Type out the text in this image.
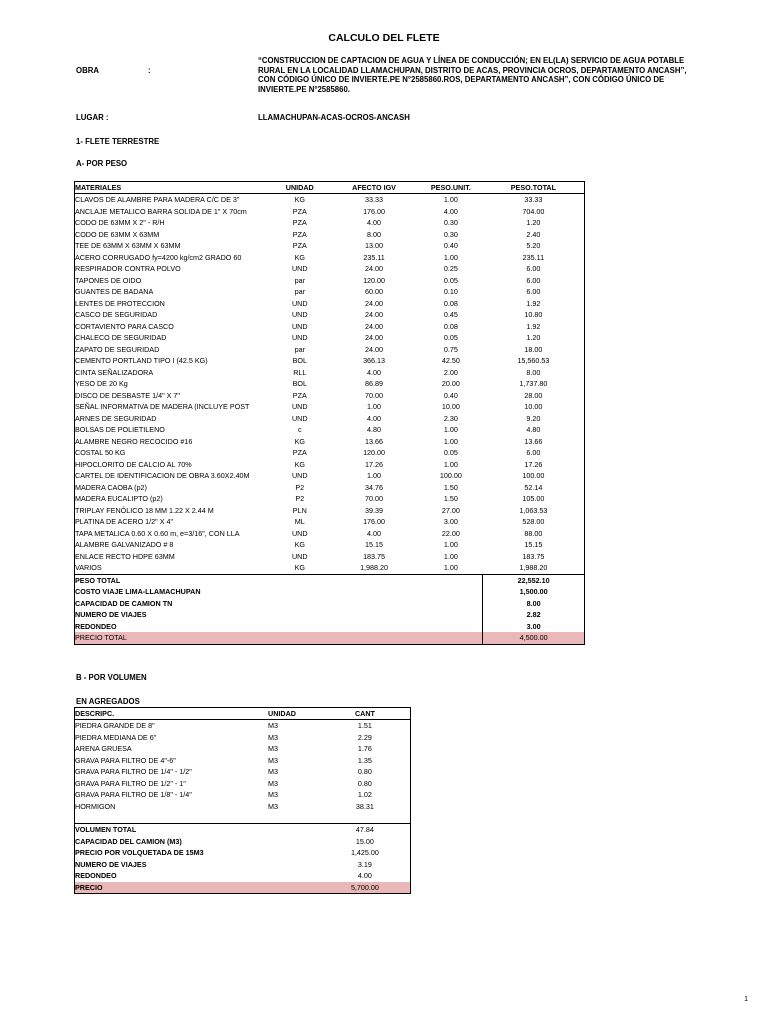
CALCULO DEL FLETE
OBRA	:
“CONSTRUCCION DE CAPTACION DE AGUA Y LÍNEA DE CONDUCCIÓN; EN EL(LA) SERVICIO DE AGUA POTABLE RURAL EN LA LOCALIDAD LLAMACHUPAN, DISTRITO DE ACAS, PROVINCIA OCROS, DEPARTAMENTO ANCASH”, CON CÓDIGO ÚNICO DE INVIERTE.PE N°2585860.ROS, DEPARTAMENTO ANCASH”, CON CÓDIGO ÚNICO DE INVIERTE.PE N°2585860.
LUGAR :	LLAMACHUPAN-ACAS-OCROS-ANCASH
1- FLETE TERRESTRE
A- POR PESO
MATERIALES	UNIDAD	AFECTO IGV	PESO.UNIT.	PESO.TOTAL
CLAVOS DE ALAMBRE PARA MADERA C/C DE 3"	KG	33.33	1.00	33.33
ANCLAJE METALICO BARRA SOLIDA DE 1" X 70cm	PZA	176.00	4.00	704.00
CODO DE 63MM X 2" - R/H	PZA	4.00	0.30	1.20
CODO DE 63MM X 63MM	PZA	8.00	0.30	2.40
TEE DE 63MM X 63MM X 63MM	PZA	13.00	0.40	5.20
ACERO CORRUGADO fy=4200 kg/cm2 GRADO 60	KG	235.11	1.00	235.11
RESPIRADOR CONTRA POLVO	UND	24.00	0.25	6.00
TAPONES DE OIDO	par	120.00	0.05	6.00
GUANTES DE BADANA	par	60.00	0.10	6.00
LENTES DE PROTECCION	UND	24.00	0.08	1.92
CASCO DE SEGURIDAD	UND	24.00	0.45	10.80
CORTAVIENTO PARA CASCO	UND	24.00	0.08	1.92
CHALECO DE SEGURIDAD	UND	24.00	0.05	1.20
ZAPATO DE SEGURIDAD	par	24.00	0.75	18.00
CEMENTO PORTLAND TIPO I (42.5 KG)	BOL	366.13	42.50	15,560.53
CINTA SEÑALIZADORA	RLL	4.00	2.00	8.00
YESO DE 20 Kg	BOL	86.89	20.00	1,737.80
DISCO DE DESBASTE 1/4" X 7"	PZA	70.00	0.40	28.00
SEÑAL INFORMATIVA DE MADERA (INCLUYE POST	UND	1.00	10.00	10.00
ARNES DE SEGURIDAD	UND	4.00	2.30	9.20
BOLSAS DE POLIETILENO	c	4.80	1.00	4.80
ALAMBRE NEGRO RECOCIDO #16	KG	13.66	1.00	13.66
COSTAL 50 KG	PZA	120.00	0.05	6.00
HIPOCLORITO DE CALCIO AL 70%	KG	17.26	1.00	17.26
CARTEL DE IDENTIFICACION DE OBRA 3.60X2.40M	UND	1.00	100.00	100.00
MADERA CAOBA (p2)	P2	34.76	1.50	52.14
MADERA EUCALIPTO (p2)	P2	70.00	1.50	105.00
TRIPLAY FENÓLICO 18 MM 1.22 X 2.44 M	PLN	39.39	27.00	1,063.53
PLATINA DE ACERO 1/2" X 4"	ML	176.00	3.00	528.00
TAPA METALICA 0.60 X 0.60 m, e=3/16", CON LLA	UND	4.00	22.00	88.00
ALAMBRE GALVANIZADO # 8	KG	15.15	1.00	15.15
ENLACE RECTO HDPE 63MM	UND	183.75	1.00	183.75
VARIOS	KG	1,988.20	1.00	1,988.20
PESO TOTAL				22,552.10
COSTO VIAJE LIMA-LLAMACHUPAN				1,500.00
CAPACIDAD DE CAMION TN				8.00
NUMERO DE VIAJES				2.82
REDONDEO				3.00
PRECIO TOTAL				4,500.00
B - POR VOLUMEN
EN AGREGADOS
DESCRIPC.	UNIDAD	CANT
PIEDRA GRANDE DE 8"	M3	1.51
PIEDRA MEDIANA DE 6"	M3	2.29
ARENA GRUESA	M3	1.76
GRAVA PARA FILTRO DE 4"-6"	M3	1.35
GRAVA PARA FILTRO DE 1/4" - 1/2"	M3	0.80
GRAVA PARA FILTRO DE 1/2" - 1"	M3	0.80
GRAVA PARA FILTRO DE 1/8" - 1/4"	M3	1.02
HORMIGON	M3	38.31

VOLUMEN TOTAL		47.84
CAPACIDAD DEL CAMION (M3)		15.00
PRECIO POR VOLQUETADA DE 15M3		1,425.00
NUMERO DE VIAJES		3.19
REDONDEO		4.00
PRECIO		5,700.00
1
